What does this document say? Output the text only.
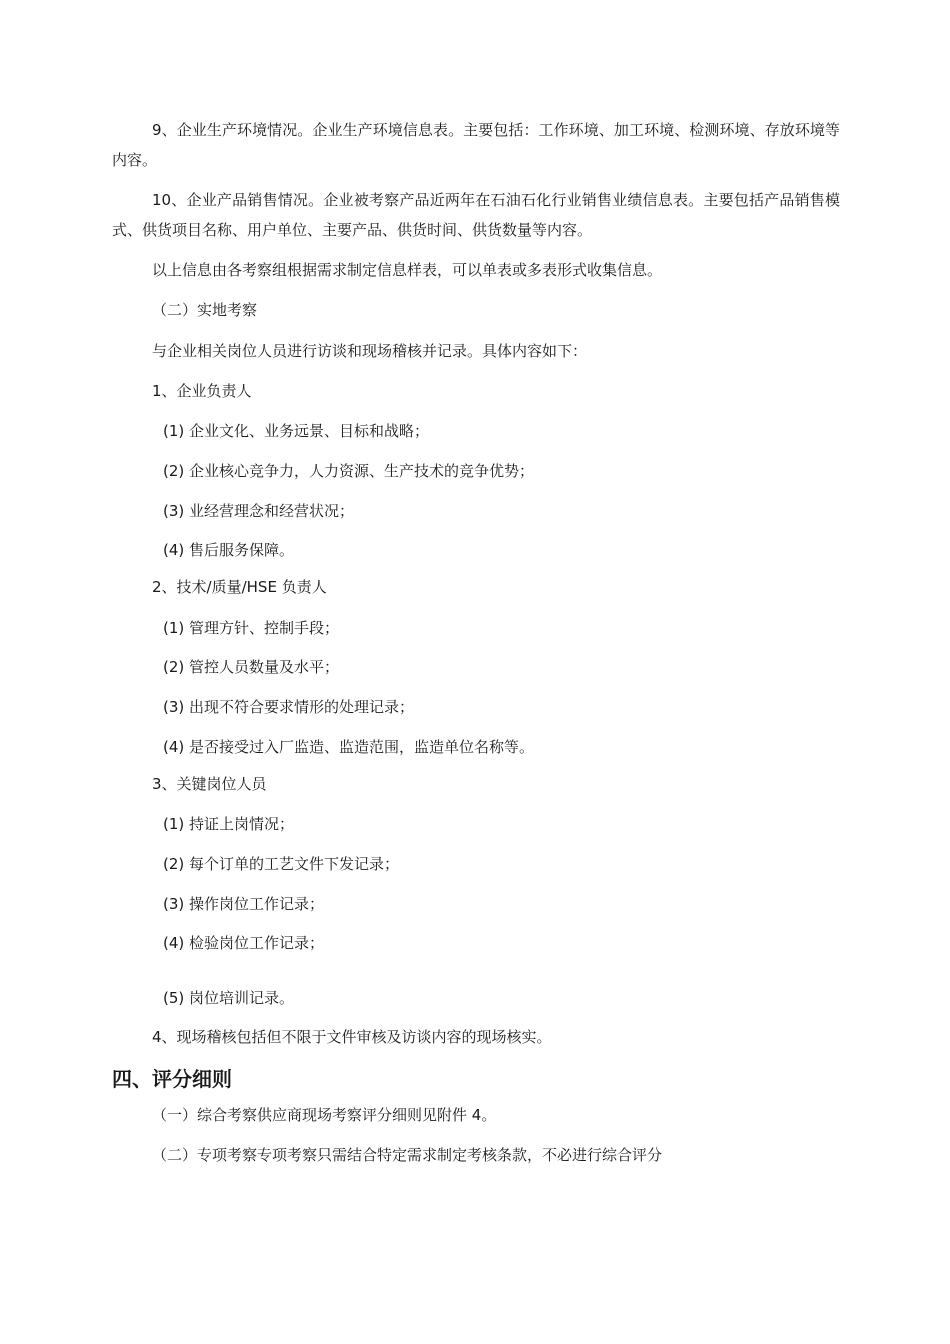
9、企业生产环境情况。企业生产环境信息表。主要包括：工作环境、加工环境、检测环境、存放环境等内容。

10、企业产品销售情况。企业被考察产品近两年在石油石化行业销售业绩信息表。主要包括产品销售模式、供货项目名称、用户单位、主要产品、供货时间、供货数量等内容。

以上信息由各考察组根据需求制定信息样表，可以单表或多表形式收集信息。

（二）实地考察

与企业相关岗位人员进行访谈和现场稽核并记录。具体内容如下：

1、企业负责人

(1) 企业文化、业务远景、目标和战略；

(2) 企业核心竞争力，人力资源、生产技术的竞争优势；

(3) 业经营理念和经营状况；

(4) 售后服务保障。

2、技术/质量/HSE 负责人

(1) 管理方针、控制手段；

(2) 管控人员数量及水平；

(3) 出现不符合要求情形的处理记录；

(4) 是否接受过入厂监造、监造范围，监造单位名称等。

3、关键岗位人员

(1) 持证上岗情况；

(2) 每个订单的工艺文件下发记录；

(3) 操作岗位工作记录；

(4) 检验岗位工作记录；

(5) 岗位培训记录。

4、现场稽核包括但不限于文件审核及访谈内容的现场核实。

四、评分细则

（一）综合考察供应商现场考察评分细则见附件 4。

（二）专项考察专项考察只需结合特定需求制定考核条款，不必进行综合评分
